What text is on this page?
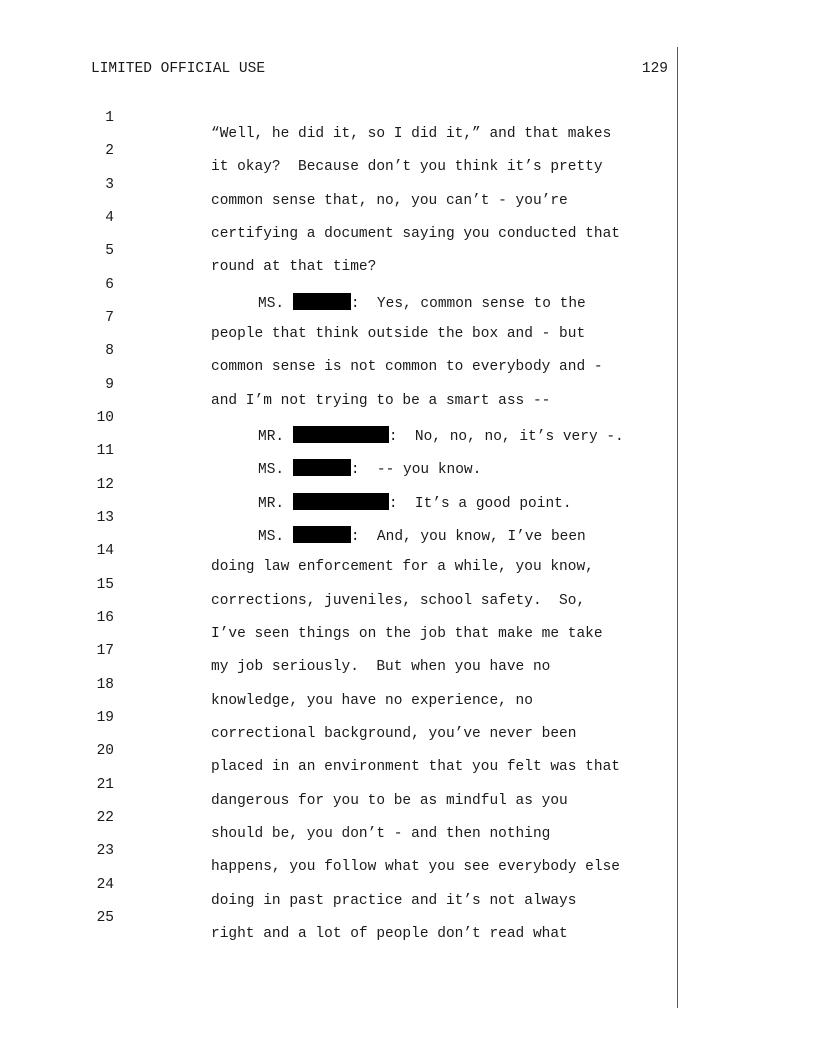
LIMITED OFFICIAL USE	129

1

“Well, he did it, so I did it,” and that makes

2

it okay?  Because don’t you think it’s pretty

3

common sense that, no, you can’t - you’re

4

certifying a document saying you conducted that

5

round at that time?

6

MS.	:  Yes, common sense to the

7

people that think outside the box and - but

8

common sense is not common to everybody and -

9

and I’m not trying to be a smart ass --

10

MR.	:  No, no, no, it’s very -.

11

MS.	:  -- you know.

12

MR.	:  It’s a good point.

13

MS.	:  And, you know, I’ve been

14

doing law enforcement for a while, you know,

15

corrections, juveniles, school safety.  So,

16

I’ve seen things on the job that make me take

17

my job seriously.  But when you have no

18

knowledge, you have no experience, no

19

correctional background, you’ve never been

20

placed in an environment that you felt was that

21

dangerous for you to be as mindful as you

22

should be, you don’t - and then nothing

23

happens, you follow what you see everybody else

24

doing in past practice and it’s not always

25

right and a lot of people don’t read what
